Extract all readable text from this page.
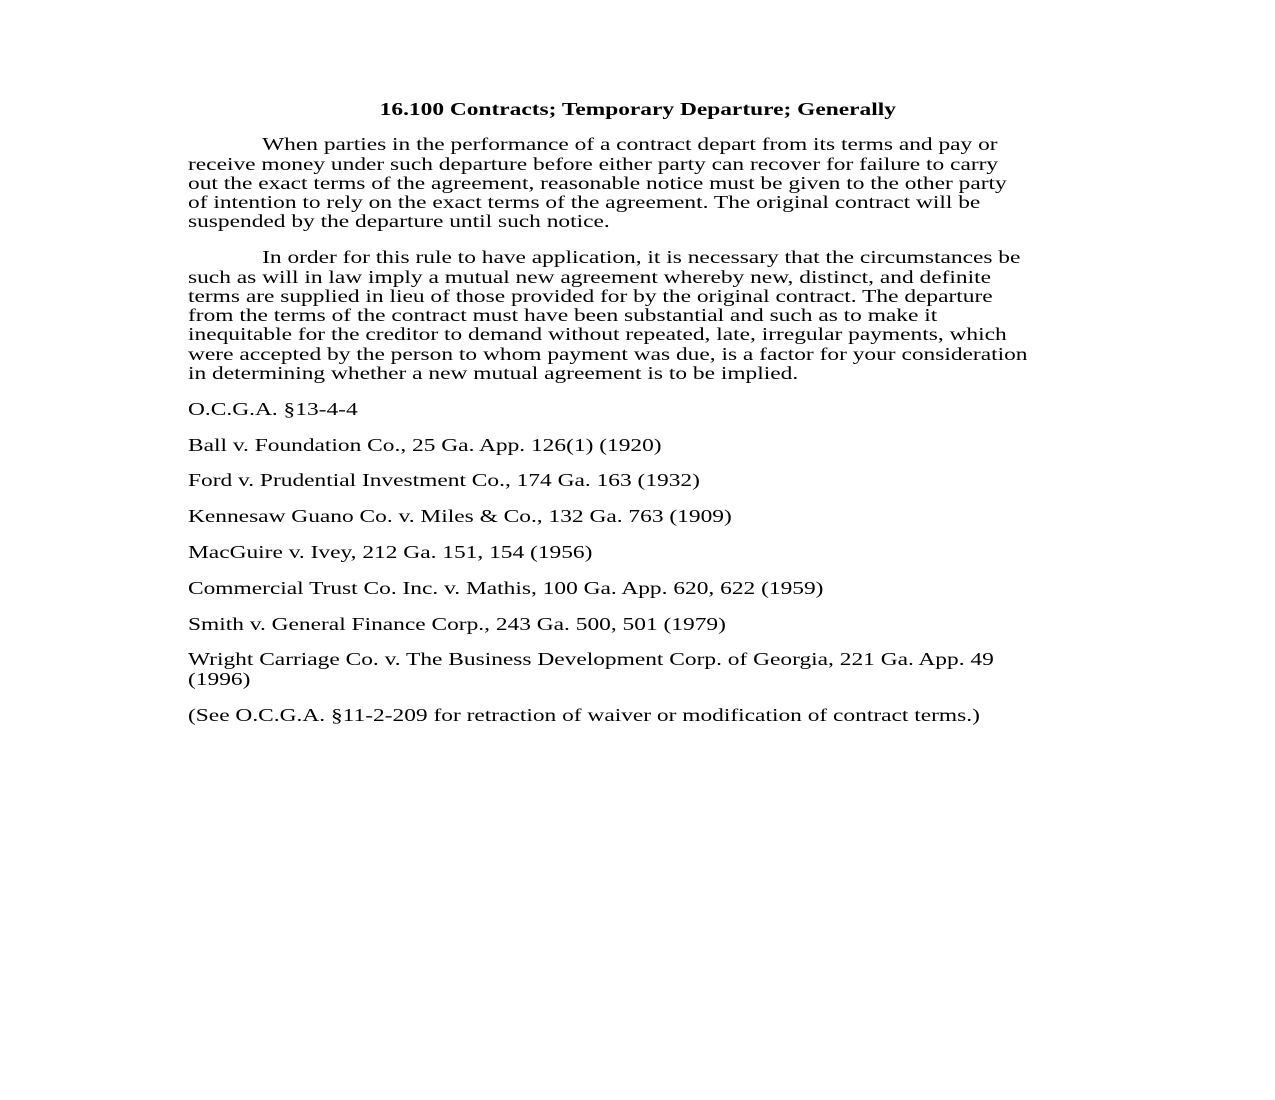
16.100 Contracts; Temporary Departure; Generally
When parties in the performance of a contract depart from its terms and pay or
receive money under such departure before either party can recover for failure to carry
out the exact terms of the agreement, reasonable notice must be given to the other party
of intention to rely on the exact terms of the agreement. The original contract will be
suspended by the departure until such notice.
In order for this rule to have application, it is necessary that the circumstances be
such as will in law imply a mutual new agreement whereby new, distinct, and definite
terms are supplied in lieu of those provided for by the original contract. The departure
from the terms of the contract must have been substantial and such as to make it
inequitable for the creditor to demand without repeated, late, irregular payments, which
were accepted by the person to whom payment was due, is a factor for your consideration
in determining whether a new mutual agreement is to be implied.
O.C.G.A. §13-4-4
Ball v. Foundation Co., 25 Ga. App. 126(1) (1920)
Ford v. Prudential Investment Co., 174 Ga. 163 (1932)
Kennesaw Guano Co. v. Miles & Co., 132 Ga. 763 (1909)
MacGuire v. Ivey, 212 Ga. 151, 154 (1956)
Commercial Trust Co. Inc. v. Mathis, 100 Ga. App. 620, 622 (1959)
Smith v. General Finance Corp., 243 Ga. 500, 501 (1979)
Wright Carriage Co. v. The Business Development Corp. of Georgia, 221 Ga. App. 49
(1996)
(See O.C.G.A. §11-2-209 for retraction of waiver or modification of contract terms.)
